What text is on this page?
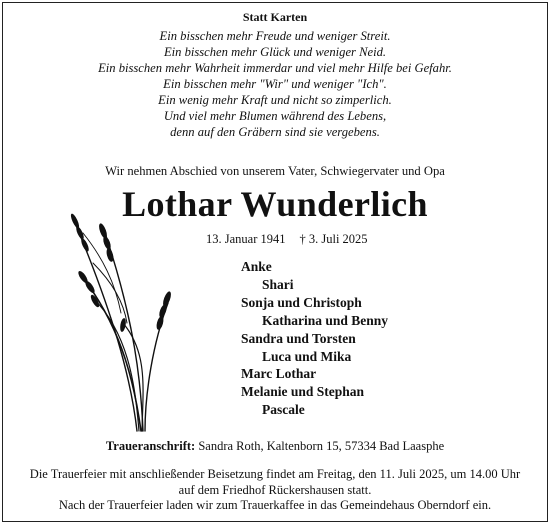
Statt Karten
Ein bisschen mehr Freude und weniger Streit.
Ein bisschen mehr Glück und weniger Neid.
Ein bisschen mehr Wahrheit immerdar und viel mehr Hilfe bei Gefahr.
Ein bisschen mehr "Wir" und weniger "Ich".
Ein wenig mehr Kraft und nicht so zimperlich.
Und viel mehr Blumen während des Lebens,
denn auf den Gräbern sind sie vergebens.
Wir nehmen Abschied von unserem Vater, Schwiegervater und Opa
Lothar Wunderlich
13. Januar 1941 † 3. Juli 2025
Anke
Shari
Sonja und Christoph
Katharina und Benny
Sandra und Torsten
Luca und Mika
Marc Lothar
Melanie und Stephan
Pascale
Traueranschrift: Sandra Roth, Kaltenborn 15, 57334 Bad Laasphe
Die Trauerfeier mit anschließender Beisetzung findet am Freitag, den 11. Juli 2025, um 14.00 Uhr
auf dem Friedhof Rückershausen statt.
Nach der Trauerfeier laden wir zum Trauerkaffee in das Gemeindehaus Oberndorf ein.
